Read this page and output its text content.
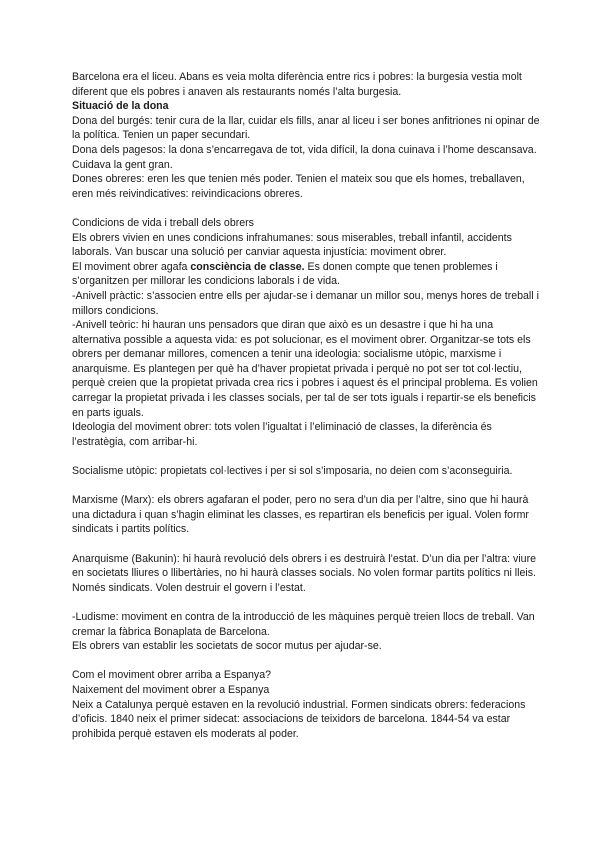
Barcelona era el liceu. Abans es veia molta diferència entre rics i pobres: la burgesia vestia molt diferent que els pobres i anaven als restaurants només l’alta burgesia.

Situació de la dona

Dona del burgés: tenir cura de la llar, cuidar els fills, anar al liceu i ser bones anfitriones ni opinar de la política. Tenien un paper secundari.

Dona dels pagesos: la dona s’encarregava de tot, vida difícil, la dona cuinava i l’home descansava. Cuidava la gent gran.

Dones obreres: eren les que tenien més poder. Tenien el mateix sou que els homes, treballaven, eren més reivindicatives: reivindicacions obreres.

Condicions de vida i treball dels obrers

Els obrers vivien en unes condicions infrahumanes: sous miserables, treball infantil, accidents laborals. Van buscar una solució per canviar aquesta injustícia: moviment obrer.

El moviment obrer agafa consciència de classe. Es donen compte que tenen problemes i s’organitzen per millorar les condicions laborals i de vida.

-Anivell pràctic: s’associen entre ells per ajudar-se i demanar un millor sou, menys hores de treball i millors condicions.

-Anivell teòric: hi hauran uns pensadors que diran que això es un desastre i que hi ha una alternativa possible a aquesta vida: es pot solucionar, es el moviment obrer. Organitzar-se tots els obrers per demanar millores, comencen a tenir una ideologia: socialisme utòpic, marxisme i anarquisme. Es plantegen per què ha d’haver propietat privada i perquè no pot ser tot col·lectiu, perquè creien que la propietat privada crea rics i pobres i aquest és el principal problema. Es volien carregar la propietat privada i les classes socials, per tal de ser tots iguals i repartir-se els beneficis en parts iguals.

Ideologia del moviment obrer: tots volen l’igualtat i l’eliminació de classes, la diferència és l’estratègia, com arribar-hi.

Socialisme utòpic: propietats col·lectives i per si sol s’imposaria, no deien com s’aconseguiria.

Marxisme (Marx): els obrers agafaran el poder, pero no sera d’un dia per l’altre, sino que hi haurà una dictadura i quan s’hagin eliminat les classes, es repartiran els beneficis per igual. Volen formr sindicats i partits polítics.

Anarquisme (Bakunin): hi haurà revolució dels obrers i es destruirà l’estat. D’un dia per l’altra: viure en societats lliures o llibertàries, no hi haurà classes socials. No volen formar partits polítics ni lleis. Només sindicats. Volen destruir el govern i l’estat.

-Ludisme: moviment en contra de la introducció de les màquines perquè treien llocs de treball. Van cremar la fàbrica Bonaplata de Barcelona.

Els obrers van establir les societats de socor mutus per ajudar-se.

Com el moviment obrer arriba a Espanya?

Naixement del moviment obrer a Espanya

Neix a Catalunya perquè estaven en la revolució industrial. Formen sindicats obrers: federacions d’oficis. 1840 neix el primer sidecat: associacions de teixidors de barcelona. 1844-54 va estar prohibida perquè estaven els moderats al poder.
